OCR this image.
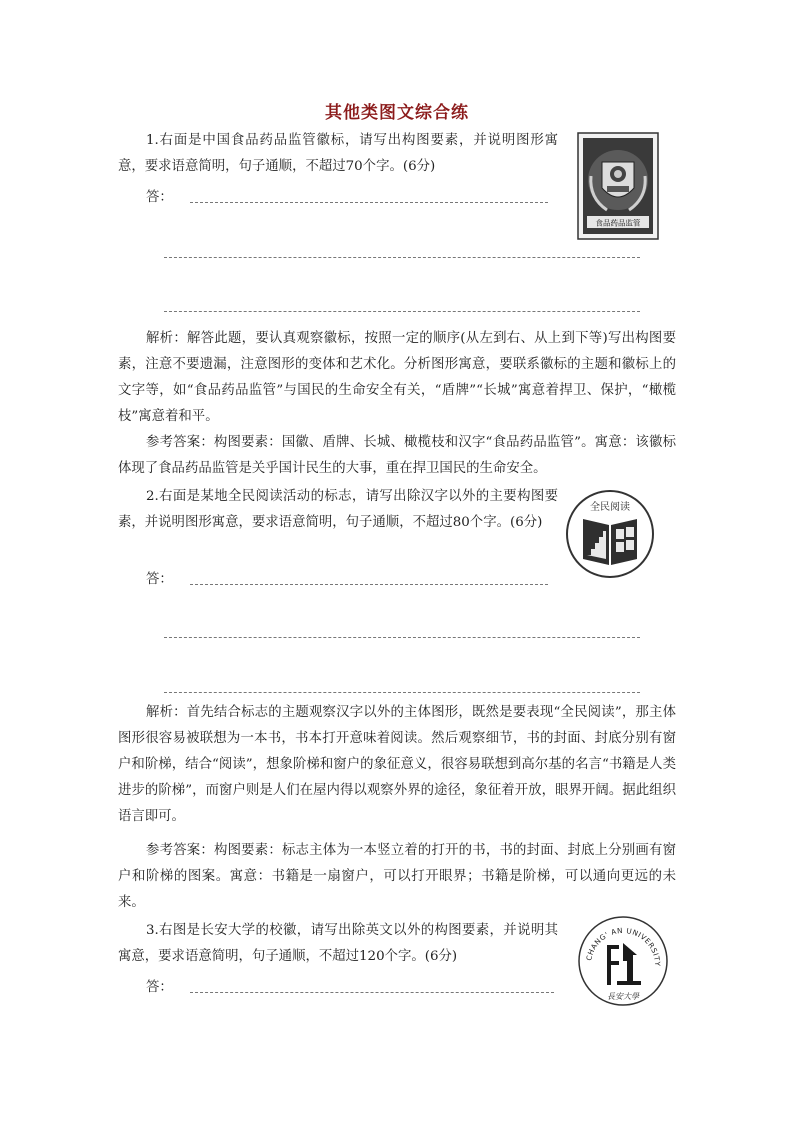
其他类图文综合练

1.右面是中国食品药品监管徽标，请写出构图要素，并说明图形寓意，要求语意简明，句子通顺，不超过70个字。(6分)

答：
食品药品监管

解析：解答此题，要认真观察徽标，按照一定的顺序(从左到右、从上到下等)写出构图要素，注意不要遗漏，注意图形的变体和艺术化。分析图形寓意，要联系徽标的主题和徽标上的文字等，如“食品药品监管”与国民的生命安全有关，“盾牌”“长城”寓意着捍卫、保护，“橄榄枝”寓意着和平。

参考答案：构图要素：国徽、盾牌、长城、橄榄枝和汉字“食品药品监管”。寓意：该徽标体现了食品药品监管是关乎国计民生的大事，重在捍卫国民的生命安全。

2.右面是某地全民阅读活动的标志，请写出除汉字以外的主要构图要素，并说明图形寓意，要求语意简明，句子通顺，不超过80个字。(6分)

答：
全民阅读

解析：首先结合标志的主题观察汉字以外的主体图形，既然是要表现“全民阅读”，那主体图形很容易被联想为一本书，书本打开意味着阅读。然后观察细节，书的封面、封底分别有窗户和阶梯，结合“阅读”，想象阶梯和窗户的象征意义，很容易联想到高尔基的名言“书籍是人类进步的阶梯”，而窗户则是人们在屋内得以观察外界的途径，象征着开放，眼界开阔。据此组织语言即可。

参考答案：构图要素：标志主体为一本竖立着的打开的书，书的封面、封底上分别画有窗户和阶梯的图案。寓意：书籍是一扇窗户，可以打开眼界；书籍是阶梯，可以通向更远的未来。

3.右图是长安大学的校徽，请写出除英文以外的构图要素，并说明其寓意，要求语意简明，句子通顺，不超过120个字。(6分)

答：
CHANG' AN UNIVERSITY
長安大學
